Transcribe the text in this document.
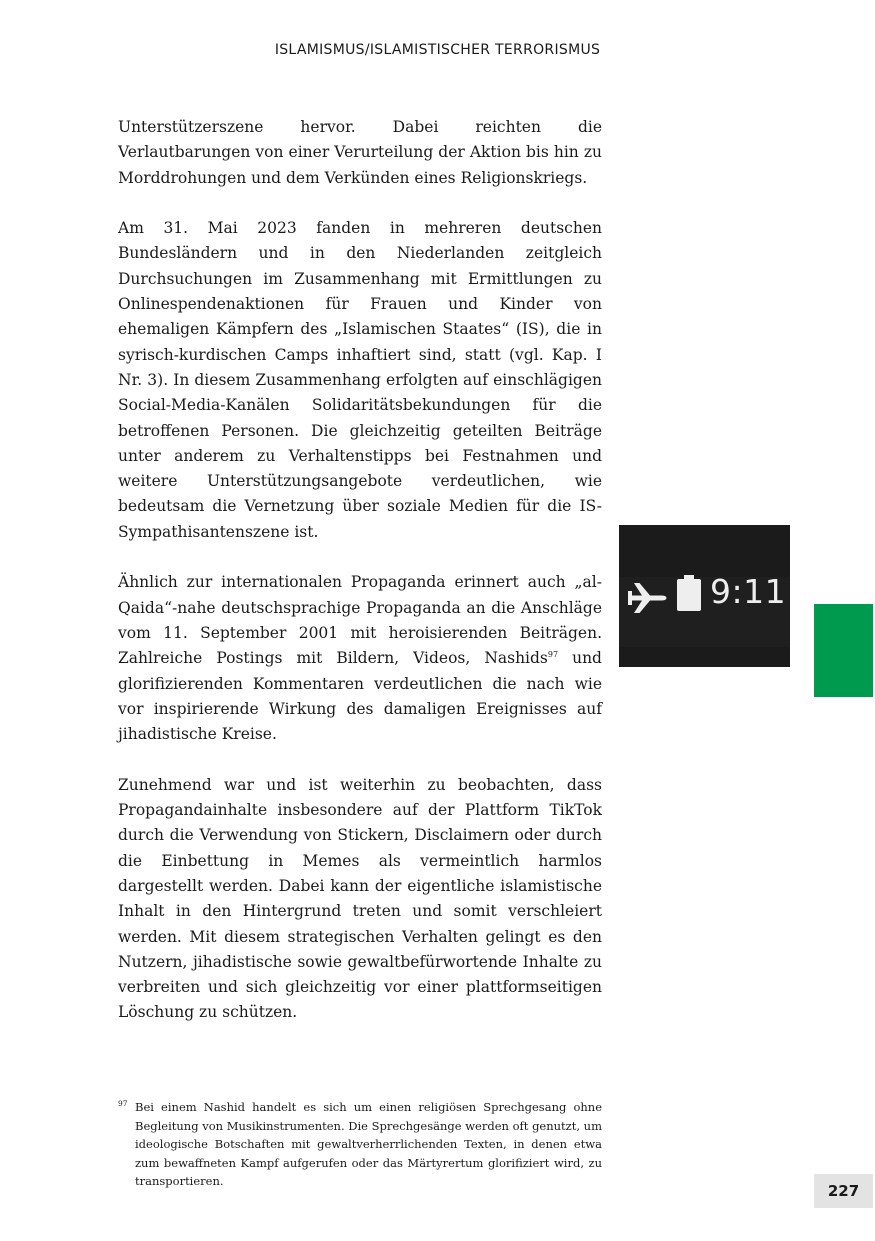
ISLAMISMUS/ISLAMISTISCHER TERRORISMUS

Unterstützerszene hervor. Dabei reichten die Verlautbarungen von einer Verurteilung der Aktion bis hin zu Morddrohungen und dem Verkünden eines Religionskriegs.

Am 31. Mai 2023 fanden in mehreren deutschen Bundesländern und in den Niederlanden zeitgleich Durchsuchungen im Zusammenhang mit Ermittlungen zu Onlinespendenaktionen für Frauen und Kinder von ehemaligen Kämpfern des „Islamischen Staates“ (IS), die in syrisch-kurdischen Camps inhaftiert sind, statt (vgl. Kap. I Nr. 3). In diesem Zusammenhang erfolgten auf einschlägigen Social-Media-Kanälen Solidaritätsbekundungen für die betroffenen Personen. Die gleichzeitig geteilten Beiträge unter anderem zu Verhaltenstipps bei Festnahmen und weitere Unterstützungsangebote verdeutlichen, wie bedeutsam die Vernetzung über soziale Medien für die IS-Sympathisantenszene ist.

Ähnlich zur internationalen Propaganda erinnert auch „al-Qaida“-nahe deutschsprachige Propaganda an die Anschläge vom 11. September 2001 mit heroisierenden Beiträgen. Zahlreiche Postings mit Bildern, Videos, Nashids$^{97}$ und glorifizierenden Kommentaren verdeutlichen die nach wie vor inspirierende Wirkung des damaligen Ereignisses auf jihadistische Kreise.

Zunehmend war und ist weiterhin zu beobachten, dass Propagandainhalte insbesondere auf der Plattform TikTok durch die Verwendung von Stickern, Disclaimern oder durch die Einbettung in Memes als vermeintlich harmlos dargestellt werden. Dabei kann der eigentliche islamistische Inhalt in den Hintergrund treten und somit verschleiert werden. Mit diesem strategischen Verhalten gelingt es den Nutzern, jihadistische sowie gewaltbefürwortende Inhalte zu verbreiten und sich gleichzeitig vor einer plattformseitigen Löschung zu schützen.

9:11
97 Bei einem Nashid handelt es sich um einen religiösen Sprechgesang ohne Begleitung von Musikinstrumenten. Die Sprechgesänge werden oft genutzt, um ideologische Botschaften mit gewaltverherrlichenden Texten, in denen etwa zum bewaffneten Kampf aufgerufen oder das Märtyrertum glorifiziert wird, zu transportieren.
227
